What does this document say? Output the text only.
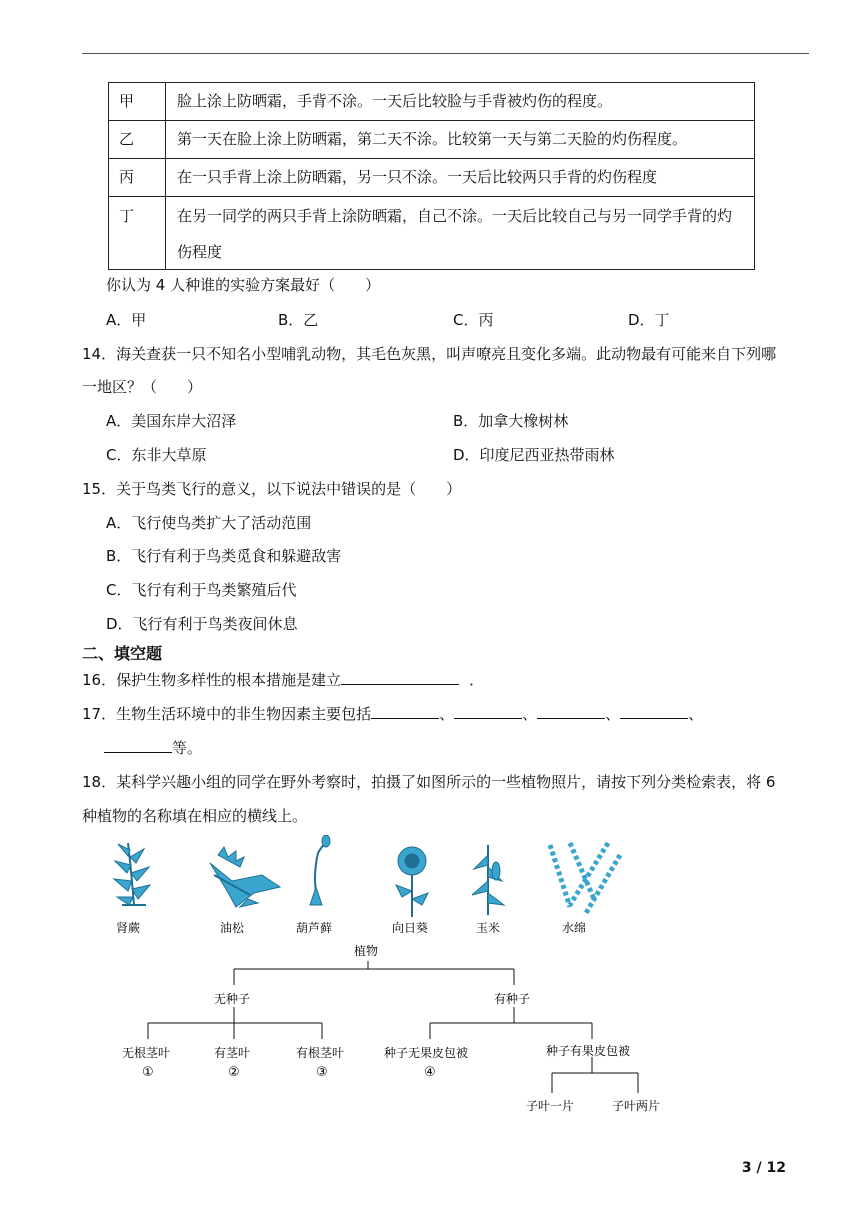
甲	脸上涂上防晒霜，手背不涂。一天后比较脸与手背被灼伤的程度。

乙	第一天在脸上涂上防晒霜，第二天不涂。比较第一天与第二天脸的灼伤程度。

丙	在一只手背上涂上防晒霜，另一只不涂。一天后比较两只手背的灼伤程度

丁	在另一同学的两只手背上涂防晒霜，自己不涂。一天后比较自己与另一同学手背的灼
伤程度
你认为 4 人种谁的实验方案最好（　　）
A．甲	B．乙	C．丙	D．丁
14．海关查获一只不知名小型哺乳动物，其毛色灰黑，叫声嘹亮且变化多端。此动物最有可能来自下列哪
一地区？（　　）
A．美国东岸大沼泽	B．加拿大橡树林
C．东非大草原	D．印度尼西亚热带雨林
15．关于鸟类飞行的意义，以下说法中错误的是（　　）
A．飞行使鸟类扩大了活动范围
B．飞行有利于鸟类觅食和躲避敌害
C．飞行有利于鸟类繁殖后代
D．飞行有利于鸟类夜间休息
二、填空题
16．保护生物多样性的根本措施是建立	．
17．生物生活环境中的非生物因素主要包括	、	、	、	、
等。
18．某科学兴趣小组的同学在野外考察时，拍摄了如图所示的一些植物照片，请按下列分类检索表，将 6
种植物的名称填在相应的横线上。
肾蕨	油松	葫芦藓	向日葵	玉米	水绵
植物
无种子	有种子
无根茎叶
①
有茎叶
②
有根茎叶
③
种子无果皮包被
④
种子有果皮包被
子叶一片	子叶两片
3 / 12
